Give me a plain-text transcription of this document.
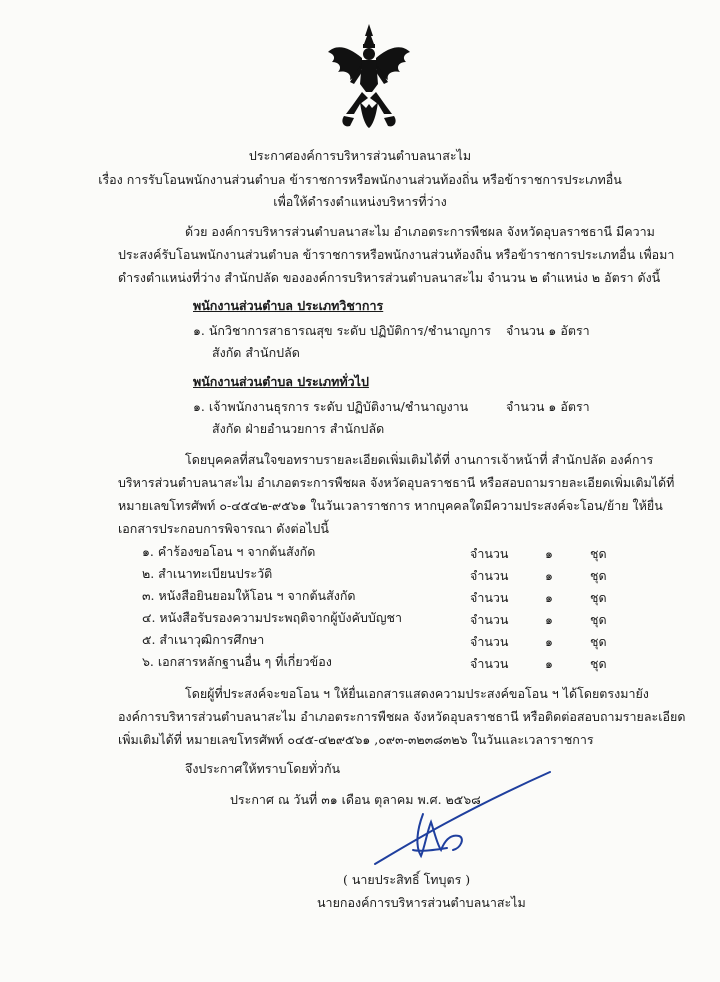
ประกาศองค์การบริหารส่วนตำบลนาสะไม
เรื่อง การรับโอนพนักงานส่วนตำบล ข้าราชการหรือพนักงานส่วนท้องถิ่น หรือข้าราชการประเภทอื่น
เพื่อให้ดำรงตำแหน่งบริหารที่ว่าง
ด้วย องค์การบริหารส่วนตำบลนาสะไม อำเภอตระการพืชผล จังหวัดอุบลราชธานี มีความ
ประสงค์รับโอนพนักงานส่วนตำบล ข้าราชการหรือพนักงานส่วนท้องถิ่น หรือข้าราชการประเภทอื่น เพื่อมา
ดำรงตำแหน่งที่ว่าง สำนักปลัด ขององค์การบริหารส่วนตำบลนาสะไม จำนวน ๒ ตำแหน่ง ๒ อัตรา ดังนี้
พนักงานส่วนตำบล ประเภทวิชาการ
๑. นักวิชาการสาธารณสุข ระดับ ปฏิบัติการ/ชำนาญการ จำนวน ๑ อัตรา
สังกัด สำนักปลัด
พนักงานส่วนตำบล ประเภททั่วไป
๑. เจ้าพนักงานธุรการ ระดับ ปฏิบัติงาน/ชำนาญงาน	จำนวน ๑ อัตรา
สังกัด ฝ่ายอำนวยการ สำนักปลัด
โดยบุคคลที่สนใจขอทราบรายละเอียดเพิ่มเติมได้ที่ งานการเจ้าหน้าที่ สำนักปลัด องค์การ
บริหารส่วนตำบลนาสะไม อำเภอตระการพืชผล จังหวัดอุบลราชธานี หรือสอบถามรายละเอียดเพิ่มเติมได้ที่
หมายเลขโทรศัพท์ ๐-๔๕๔๒-๙๕๖๑ ในวันเวลาราชการ หากบุคคลใดมีความประสงค์จะโอน/ย้าย ให้ยื่น
เอกสารประกอบการพิจารณา ดังต่อไปนี้
๑. คำร้องขอโอน ฯ จากต้นสังกัด	จำนวน	๑	ชุด
๒. สำเนาทะเบียนประวัติ	จำนวน	๑	ชุด
๓. หนังสือยินยอมให้โอน ฯ จากต้นสังกัด	จำนวน	๑	ชุด
๔. หนังสือรับรองความประพฤติจากผู้บังคับบัญชา	จำนวน	๑	ชุด
๕. สำเนาวุฒิการศึกษา	จำนวน	๑	ชุด
๖. เอกสารหลักฐานอื่น ๆ ที่เกี่ยวข้อง	จำนวน	๑	ชุด
โดยผู้ที่ประสงค์จะขอโอน ฯ ให้ยื่นเอกสารแสดงความประสงค์ขอโอน ฯ ได้โดยตรงมายัง
องค์การบริหารส่วนตำบลนาสะไม อำเภอตระการพืชผล จังหวัดอุบลราชธานี หรือติดต่อสอบถามรายละเอียด
เพิ่มเติมได้ที่ หมายเลขโทรศัพท์ ๐๔๕-๔๒๙๕๖๑ ,๐๙๓-๓๒๓๘๓๒๖ ในวันและเวลาราชการ
จึงประกาศให้ทราบโดยทั่วกัน
ประกาศ ณ วันที่ ๓๑ เดือน ตุลาคม พ.ศ. ๒๕๖๘
( นายประสิทธิ์ โทบุตร )
นายกองค์การบริหารส่วนตำบลนาสะไม
